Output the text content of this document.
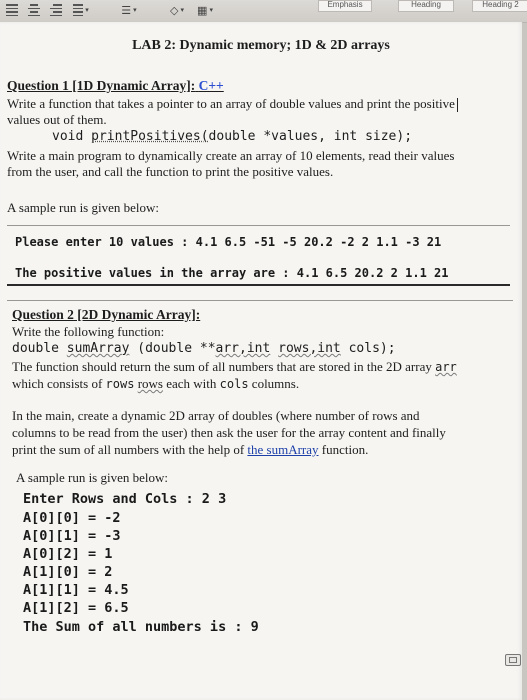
▾	☰ ▾	◇ ▾ ▦ ▾
Emphasis	Heading	Heading 2
LAB 2: Dynamic memory; 1D & 2D arrays
Question 1 [1D Dynamic Array]: C++
Write a function that takes a pointer to an array of double values and print the positive
values out of them.
void printPositives(double *values, int size);
Write a main program to dynamically create an array of 10 elements, read their values
from the user, and call the function to print the positive values.
A sample run is given below:
Please enter 10 values : 4.1 6.5 -51 -5 20.2 -2 2 1.1 -3 21
The positive values in the array are : 4.1 6.5 20.2 2 1.1 21
Question 2 [2D Dynamic Array]:
Write the following function:
double sumArray (double **arr,int rows,int cols);
The function should return the sum of all numbers that are stored in the 2D array arr
which consists of rows rows each with cols columns.
In the main, create a dynamic 2D array of doubles (where number of rows and
columns to be read from the user) then ask the user for the array content and finally
print the sum of all numbers with the help of the sumArray function.
A sample run is given below:
Enter Rows and Cols : 2 3
A[0][0] = -2
A[0][1] = -3
A[0][2] = 1
A[1][0] = 2
A[1][1] = 4.5
A[1][2] = 6.5
The Sum of all numbers is : 9
